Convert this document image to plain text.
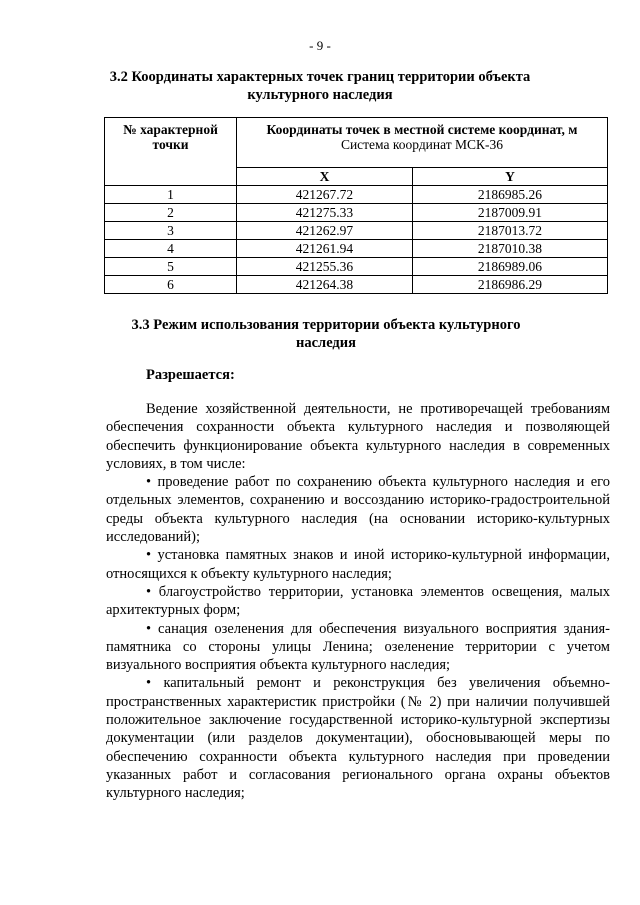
- 9 -
3.2 Координаты характерных точек границ территории объекта
культурного наследия
№ характерной точки	Координаты точек в местной системе координат, м
Система координат МСК-36	

	X	Y
1	421267.72	2186985.26
2	421275.33	2187009.91
3	421262.97	2187013.72
4	421261.94	2187010.38
5	421255.36	2186989.06
6	421264.38	2186986.29
3.3 Режим использования территории объекта культурного
наследия
Разрешается:

Ведение хозяйственной деятельности, не противоречащей требованиям обеспечения сохранности объекта культурного наследия и позволяющей обеспечить функционирование объекта культурного наследия в современных условиях, в том числе:

• проведение работ по сохранению объекта культурного наследия и его отдельных элементов, сохранению и воссозданию историко-градостроительной среды объекта культурного наследия (на основании историко-культурных исследований);

• установка памятных знаков и иной историко-культурной информации, относящихся к объекту культурного наследия;

• благоустройство территории, установка элементов освещения, малых архитектурных форм;

• санация озеленения для обеспечения визуального восприятия здания-памятника со стороны улицы Ленина; озеленение территории с учетом визуального восприятия объекта культурного наследия;

• капитальный ремонт и реконструкция без увеличения объемно-пространственных характеристик пристройки (№ 2) при наличии получившей положительное заключение государственной историко-культурной экспертизы документации (или разделов документации), обосновывающей меры по обеспечению сохранности объекта культурного наследия при проведении указанных работ и согласования регионального органа охраны объектов культурного наследия;
